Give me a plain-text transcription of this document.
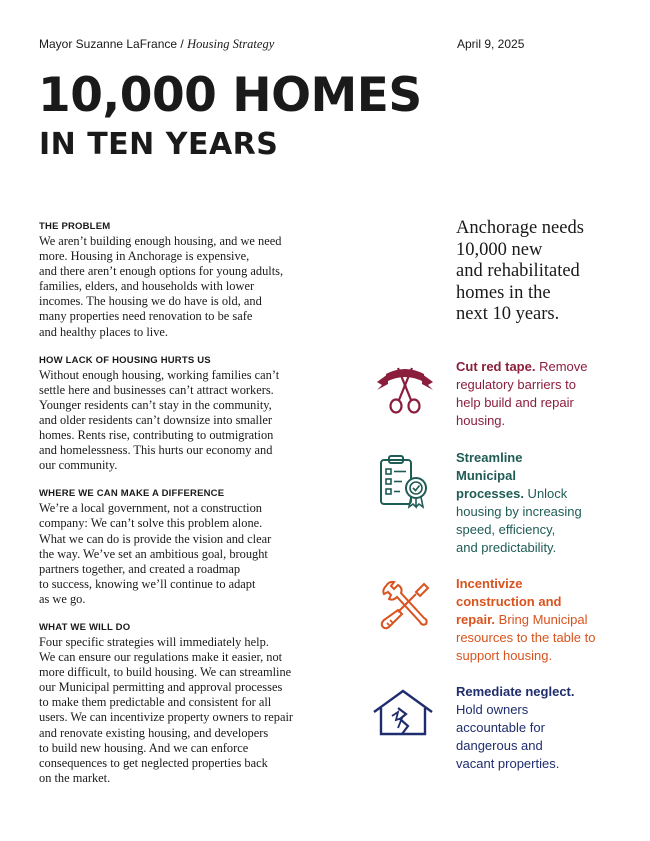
Mayor Suzanne LaFrance / Housing Strategy	April 9, 2025
10,000 HOMES
IN TEN YEARS
THE PROBLEM

We aren’t building enough housing, and we need
more. Housing in Anchorage is expensive,
and there aren’t enough options for young adults,
families, elders, and households with lower
incomes. The housing we do have is old, and
many properties need renovation to be safe
and healthy places to live.

HOW LACK OF HOUSING HURTS US

Without enough housing, working families can’t
settle here and businesses can’t attract workers.
Younger residents can’t stay in the community,
and older residents can’t downsize into smaller
homes. Rents rise, contributing to outmigration
and homelessness. This hurts our economy and
our community.

WHERE WE CAN MAKE A DIFFERENCE

We’re a local government, not a construction
company: We can’t solve this problem alone.
What we can do is provide the vision and clear
the way. We’ve set an ambitious goal, brought
partners together, and created a roadmap
to success, knowing we’ll continue to adapt
as we go.

WHAT WE WILL DO

Four specific strategies will immediately help.
We can ensure our regulations make it easier, not
more difficult, to build housing. We can streamline
our Municipal permitting and approval processes
to make them predictable and consistent for all
users. We can incentivize property owners to repair
and renovate existing housing, and developers
to build new housing. And we can enforce
consequences to get neglected properties back
on the market.

Anchorage needs
10,000 new
and rehabilitated
homes in the
next 10 years.
Cut red tape. Remove
regulatory barriers to
help build and repair
housing.
Streamline
Municipal
processes. Unlock
housing by increasing
speed, efficiency,
and predictability.
Incentivize
construction and
repair. Bring Municipal
resources to the table to
support housing.
Remediate neglect.
Hold owners
accountable for
dangerous and
vacant properties.
